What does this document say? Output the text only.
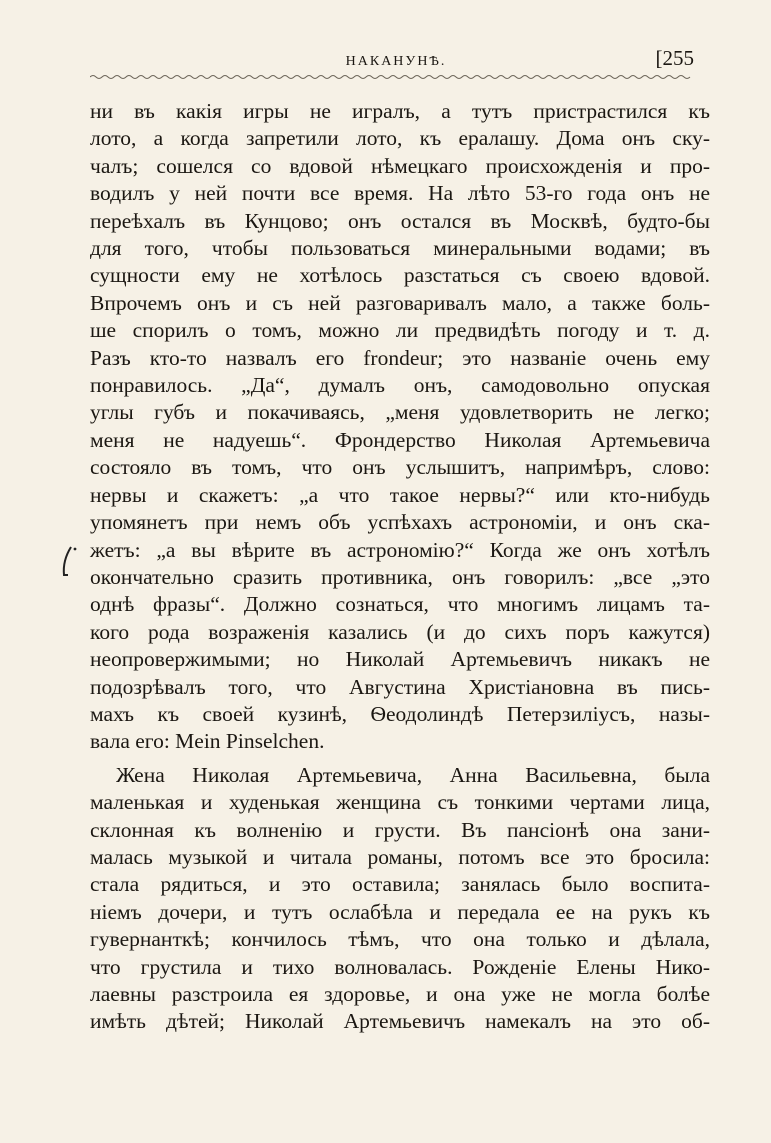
НАКАНУНѢ.	[255
ни въ какія игры не игралъ, а тутъ пристрастился къ
лото, а когда запретили лото, къ ералашу. Дома онъ ску-
чалъ; сошелся со вдовой нѣмецкаго происхожденія и про-
водилъ у ней почти все время. На лѣто 53-го года онъ не
переѣхалъ въ Кунцово; онъ остался въ Москвѣ, будто-бы
для того, чтобы пользоваться минеральными водами; въ
сущности ему не хотѣлось разстаться съ своею вдовой.
Впрочемъ онъ и съ ней разговаривалъ мало, а также боль-
ше спорилъ о томъ, можно ли предвидѣть погоду и т. д.
Разъ кто-то назвалъ его frondeur; это названіе очень ему
понравилось. „Да“, думалъ онъ, самодовольно опуская
углы губъ и покачиваясь, „меня удовлетворить не легко;
меня не надуешь“. Фрондерство Николая Артемьевича
состояло въ томъ, что онъ услышитъ, напримѣръ, слово:
нервы и скажетъ: „а что такое нервы?“ или кто-нибудь
упомянетъ при немъ объ успѣхахъ астрономіи, и онъ ска-
жетъ: „а вы вѣрите въ астрономію?“ Когда же онъ хотѣлъ
окончательно сразить противника, онъ говорилъ: „все „это
однѣ фразы“. Должно сознаться, что многимъ лицамъ та-
кого рода возраженія казались (и до сихъ поръ кажутся)
неопровержимыми; но Николай Артемьевичъ никакъ не
подозрѣвалъ того, что Августина Христіановна въ пись-
махъ къ своей кузинѣ, Ѳеодолиндѣ Петерзиліусъ, назы-
вала его: Mein Pinselchen.
Жена Николая Артемьевича, Анна Васильевна, была
маленькая и худенькая женщина съ тонкими чертами лица,
склонная къ волненію и грусти. Въ пансіонѣ она зани-
малась музыкой и читала романы, потомъ все это бросила:
стала рядиться, и это оставила; занялась было воспита-
ніемъ дочери, и тутъ ослабѣла и передала ее на рукъ къ
гувернанткѣ; кончилось тѣмъ, что она только и дѣлала,
что грустила и тихо волновалась. Рожденіе Елены Нико-
лаевны разстроила ея здоровье, и она уже не могла болѣе
имѣть дѣтей; Николай Артемьевичъ намекалъ на это об-
